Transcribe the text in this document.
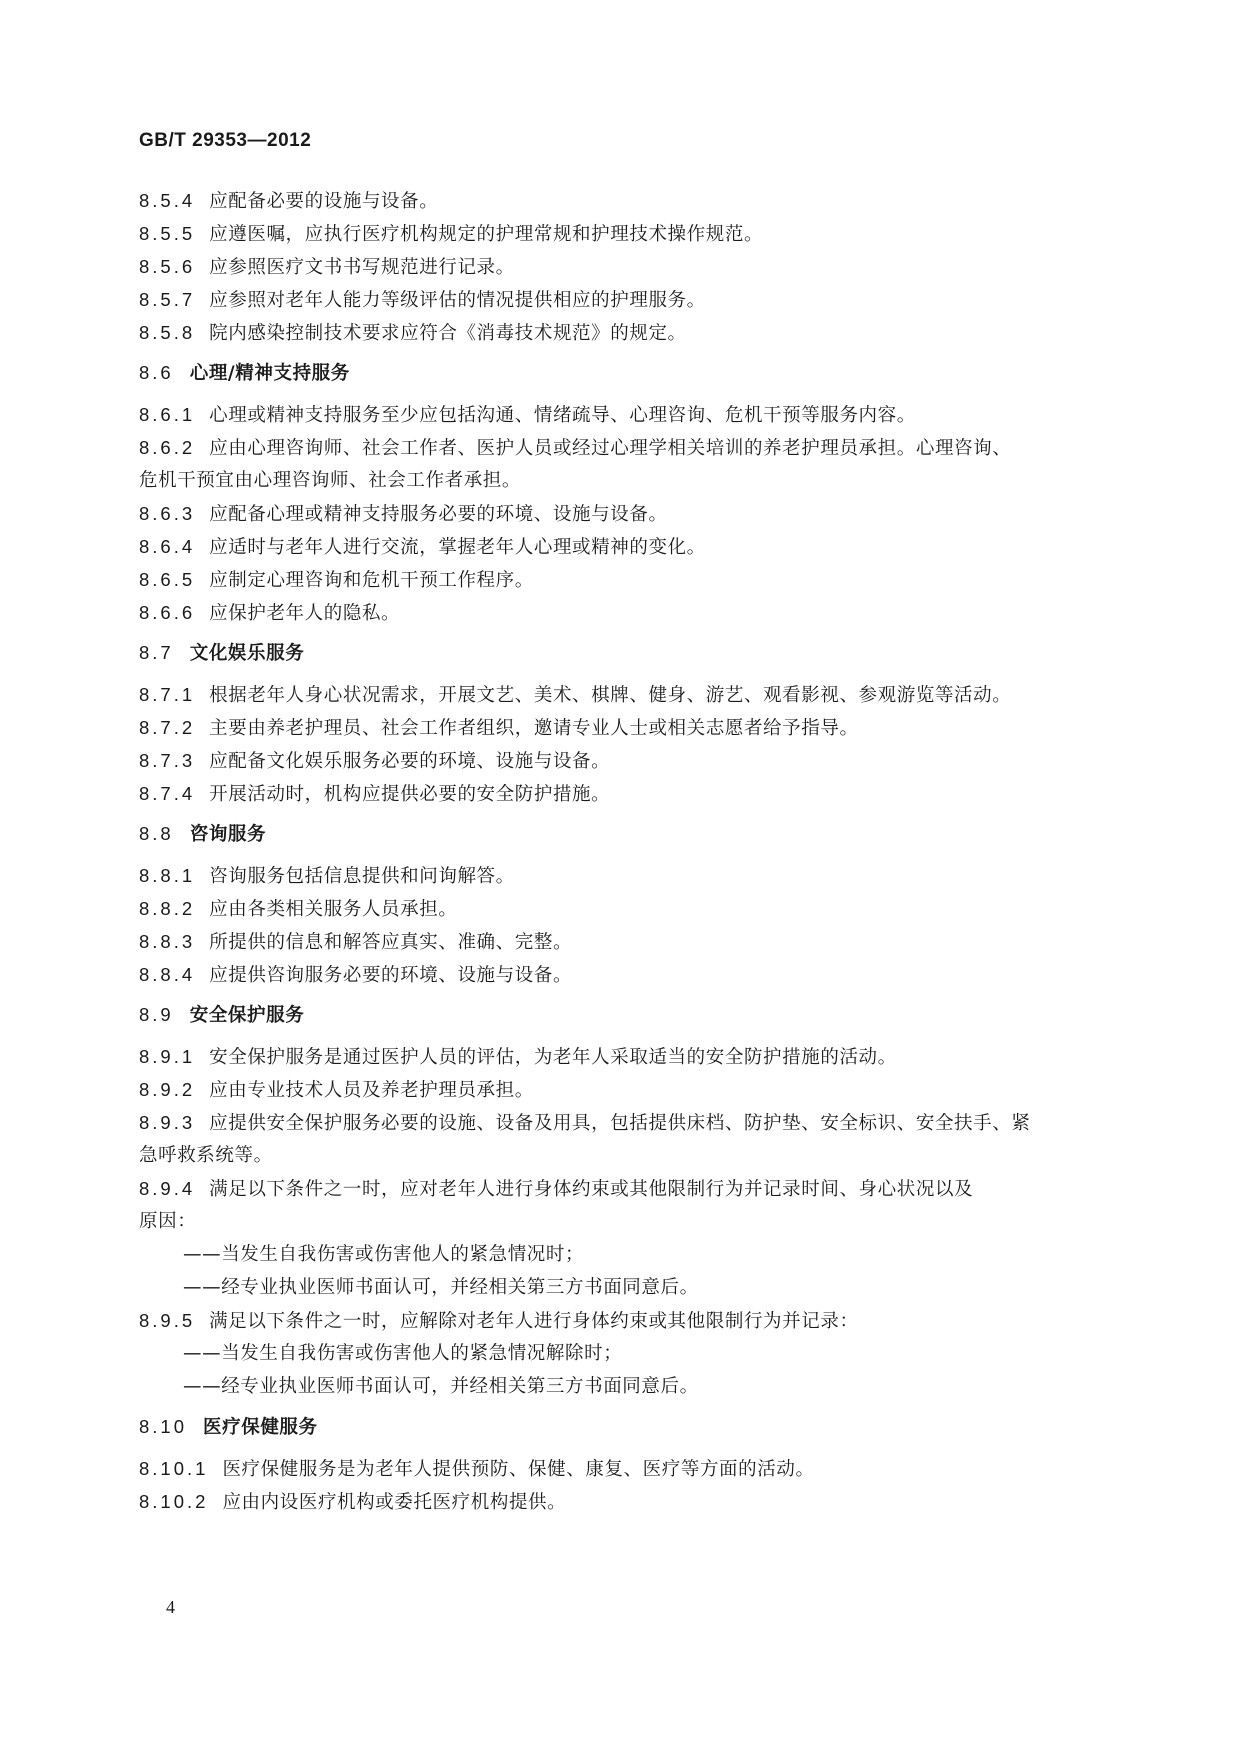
GB/T 29353—2012
8.5.4 应配备必要的设施与设备。
8.5.5 应遵医嘱，应执行医疗机构规定的护理常规和护理技术操作规范。
8.5.6 应参照医疗文书书写规范进行记录。
8.5.7 应参照对老年人能力等级评估的情况提供相应的护理服务。
8.5.8 院内感染控制技术要求应符合《消毒技术规范》的规定。
8.6 心理/精神支持服务
8.6.1 心理或精神支持服务至少应包括沟通、情绪疏导、心理咨询、危机干预等服务内容。
8.6.2 应由心理咨询师、社会工作者、医护人员或经过心理学相关培训的养老护理员承担。心理咨询、
危机干预宜由心理咨询师、社会工作者承担。
8.6.3 应配备心理或精神支持服务必要的环境、设施与设备。
8.6.4 应适时与老年人进行交流，掌握老年人心理或精神的变化。
8.6.5 应制定心理咨询和危机干预工作程序。
8.6.6 应保护老年人的隐私。
8.7 文化娱乐服务
8.7.1 根据老年人身心状况需求，开展文艺、美术、棋牌、健身、游艺、观看影视、参观游览等活动。
8.7.2 主要由养老护理员、社会工作者组织，邀请专业人士或相关志愿者给予指导。
8.7.3 应配备文化娱乐服务必要的环境、设施与设备。
8.7.4 开展活动时，机构应提供必要的安全防护措施。
8.8 咨询服务
8.8.1 咨询服务包括信息提供和问询解答。
8.8.2 应由各类相关服务人员承担。
8.8.3 所提供的信息和解答应真实、准确、完整。
8.8.4 应提供咨询服务必要的环境、设施与设备。
8.9 安全保护服务
8.9.1 安全保护服务是通过医护人员的评估，为老年人采取适当的安全防护措施的活动。
8.9.2 应由专业技术人员及养老护理员承担。
8.9.3 应提供安全保护服务必要的设施、设备及用具，包括提供床档、防护垫、安全标识、安全扶手、紧
急呼救系统等。
8.9.4 满足以下条件之一时，应对老年人进行身体约束或其他限制行为并记录时间、身心状况以及
原因：
——当发生自我伤害或伤害他人的紧急情况时；
——经专业执业医师书面认可，并经相关第三方书面同意后。
8.9.5 满足以下条件之一时，应解除对老年人进行身体约束或其他限制行为并记录：
——当发生自我伤害或伤害他人的紧急情况解除时；
——经专业执业医师书面认可，并经相关第三方书面同意后。
8.10 医疗保健服务
8.10.1 医疗保健服务是为老年人提供预防、保健、康复、医疗等方面的活动。
8.10.2 应由内设医疗机构或委托医疗机构提供。
4
